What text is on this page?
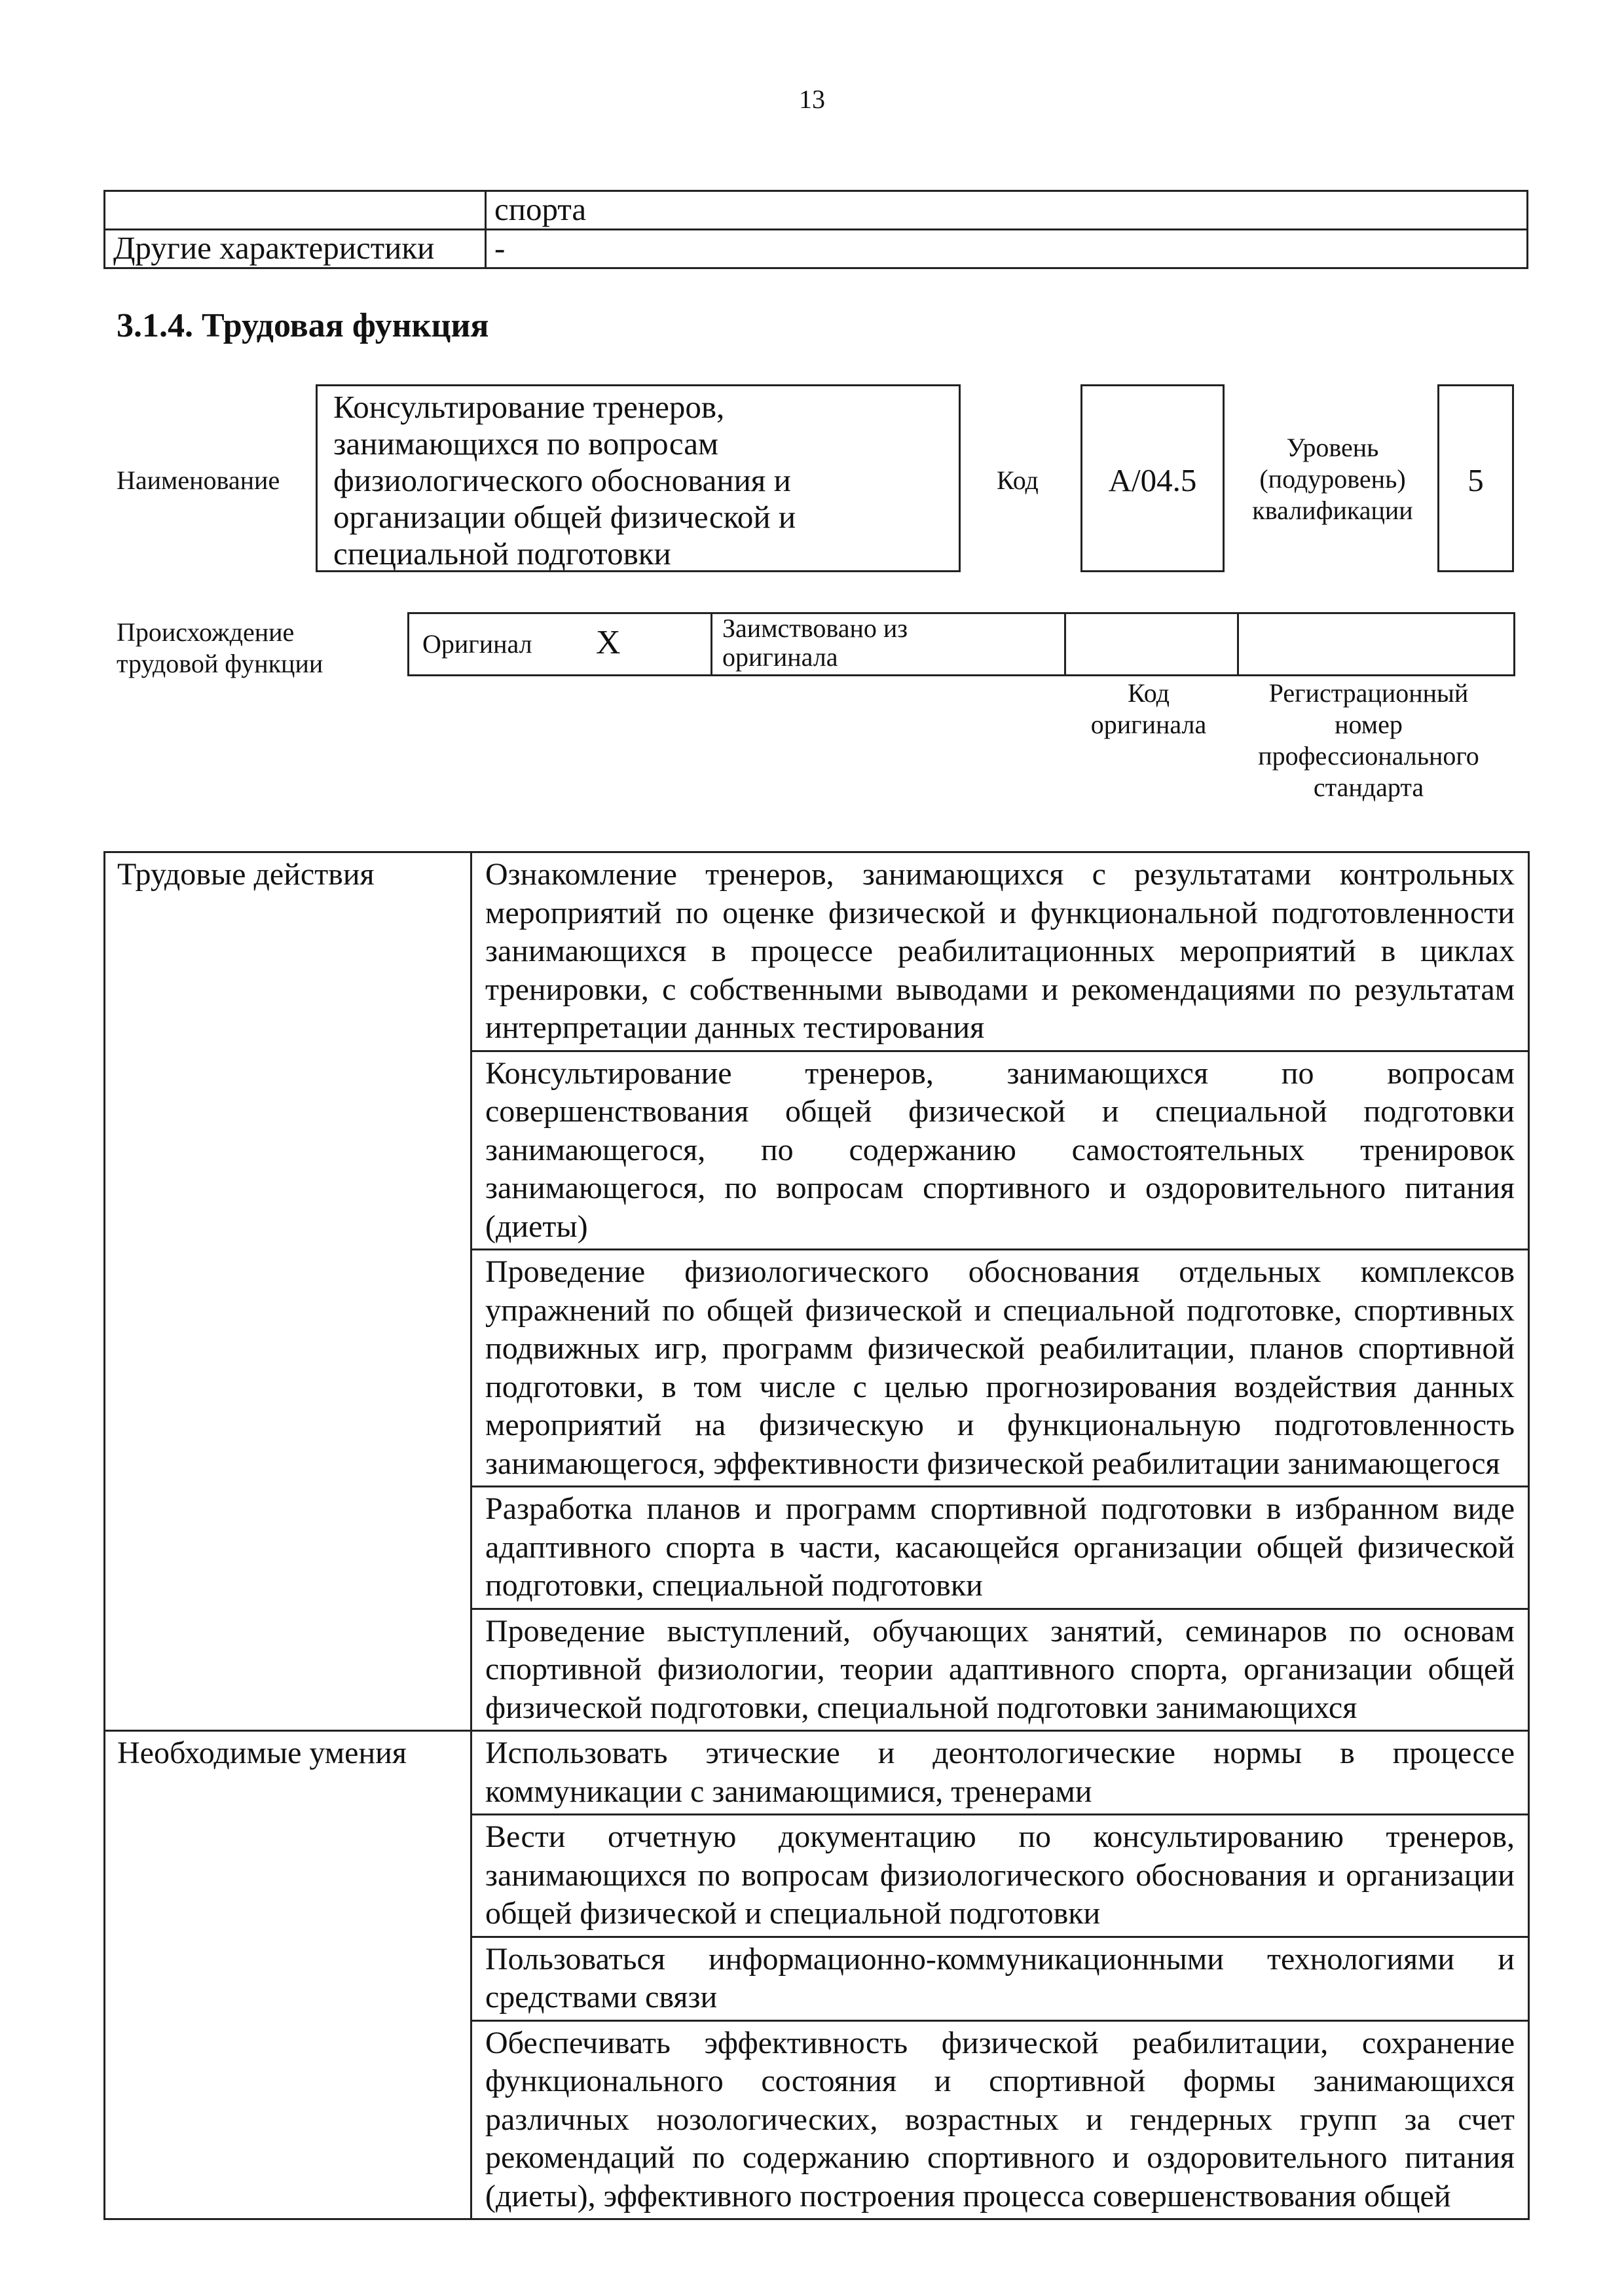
13
	спорта
Другие характеристики	-
3.1.4. Трудовая функция
Наименование
Консультирование тренеров,
занимающихся по вопросам
физиологического обоснования и
организации общей физической и
специальной подготовки
Код	А/04.5
Уровень
(подуровень)
квалификации
5
Происхождение
трудовой функции
Оригинал X	Заимствовано из
оригинала
Код
оригинала
Регистрационный
номер
профессионального
стандарта
Трудовые действия	Ознакомление тренеров, занимающихся с результатами контрольных мероприятий по оценке физической и функциональной подготовленности занимающихся в процессе реабилитационных мероприятий в циклах тренировки, с собственными выводами и рекомендациями по результатам интерпретации данных тестирования
	Консультирование тренеров, занимающихся по вопросам совершенствования общей физической и специальной подготовки занимающегося, по содержанию самостоятельных тренировок занимающегося, по вопросам спортивного и оздоровительного питания (диеты)
	Проведение физиологического обоснования отдельных комплексов упражнений по общей физической и специальной подготовке, спортивных подвижных игр, программ физической реабилитации, планов спортивной подготовки, в том числе с целью прогнозирования воздействия данных мероприятий на физическую и функциональную подготовленность занимающегося, эффективности физической реабилитации занимающегося
	Разработка планов и программ спортивной подготовки в избранном виде адаптивного спорта в части, касающейся организации общей физической подготовки, специальной подготовки
	Проведение выступлений, обучающих занятий, семинаров по основам спортивной физиологии, теории адаптивного спорта, организации общей физической подготовки, специальной подготовки занимающихся
Необходимые умения	Использовать этические и деонтологические нормы в процессе коммуникации с занимающимися, тренерами
	Вести отчетную документацию по консультированию тренеров, занимающихся по вопросам физиологического обоснования и организации общей физической и специальной подготовки
	Пользоваться информационно-коммуникационными технологиями и средствами связи
	Обеспечивать эффективность физической реабилитации, сохранение функционального состояния и спортивной формы занимающихся различных нозологических, возрастных и гендерных групп за счет рекомендаций по содержанию спортивного и оздоровительного питания (диеты), эффективного построения процесса совершенствования общей
